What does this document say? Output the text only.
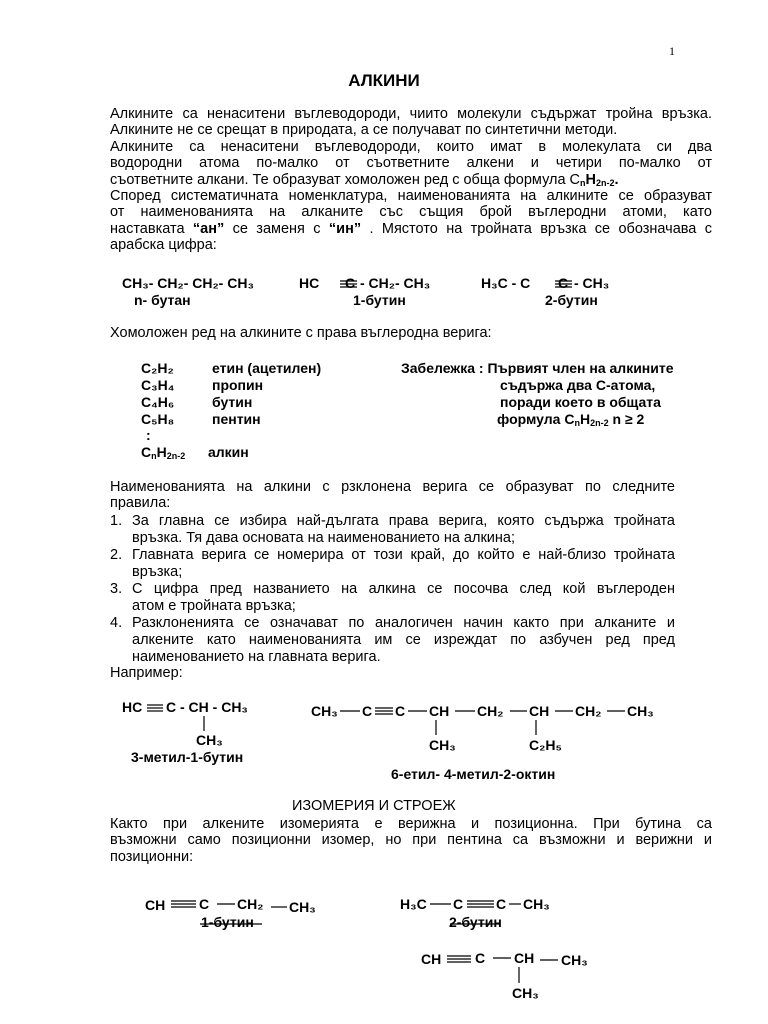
1
АЛКИНИ
Алкините са ненаситени въглеводороди, чиито молекули съдържат тройна връзка.
Алкините не се срещат в природата, а се получават по синтетични методи.
Алкините са ненаситени въглеводороди, които имат в молекулата си два
водородни атома по-малко от съответните алкени и четири по-малко от
съответните алкани. Те образуват хомоложен ред с обща формула $C_nH_{2n-2}$.
Според систематичната номенклатура, наименованията на алкините се образуват
от наименованията на алканите със същия брой въглеродни атоми, като
наставката “ан” се заменя с “ин” . Мястото на тройната връзка се обозначава с
арабска цифра:
CH₃- CH₂- CH₂- CH₃
n- бутан
HC C - CH₂- CH₃
1-бутин
H₃C - C C - CH₃
2-бутин
Хомоложен ред на алкините с права въглеродна верига:
C₂H₂	етин (ацетилен)
C₃H₄	пропин
C₄H₆	бутин
C₅H₈	пентин
:
$C_nH_{2n-2}$ алкин
Забележка : Първият член на алкините
съдържа два C-атома,
поради което в общата
формула $C_nH_{2n-2}$ n ≥ 2
Наименованията на алкини с рзклонена верига се образуват по следните
правила:
1. За главна се избира най-дългата права верига, която съдържа тройната
връзка. Тя дава основата на наименованието на алкина;
2. Главната верига се номерира от този край, до който е най-близо тройната
връзка;
3. С цифра пред названието на алкина се посочва след кой въглероден
атом е тройната връзка;
4. Разклоненията се означават по аналогичен начин както при алканите и
алкените като наименованията им се изреждат по азбучен ред пред
наименованието на главната верига.
Например:
HC C - CH - CH₃
CH₃
3-метил-1-бутин
CH₃ C C CH CH₂ CH CH₂ CH₃
CH₃	C₂H₅
6-етил- 4-метил-2-октин
ИЗОМЕРИЯ И СТРОЕЖ
Както при алкените изомерията е верижна и позиционна. При бутина са
възможни само позиционни изомер, но при пентина са възможни и верижни и
позиционни:
CH C CH₂ CH₃
1-бутин
H₃C C C CH₃
2-бутин
CH C CH CH₃
CH₃
